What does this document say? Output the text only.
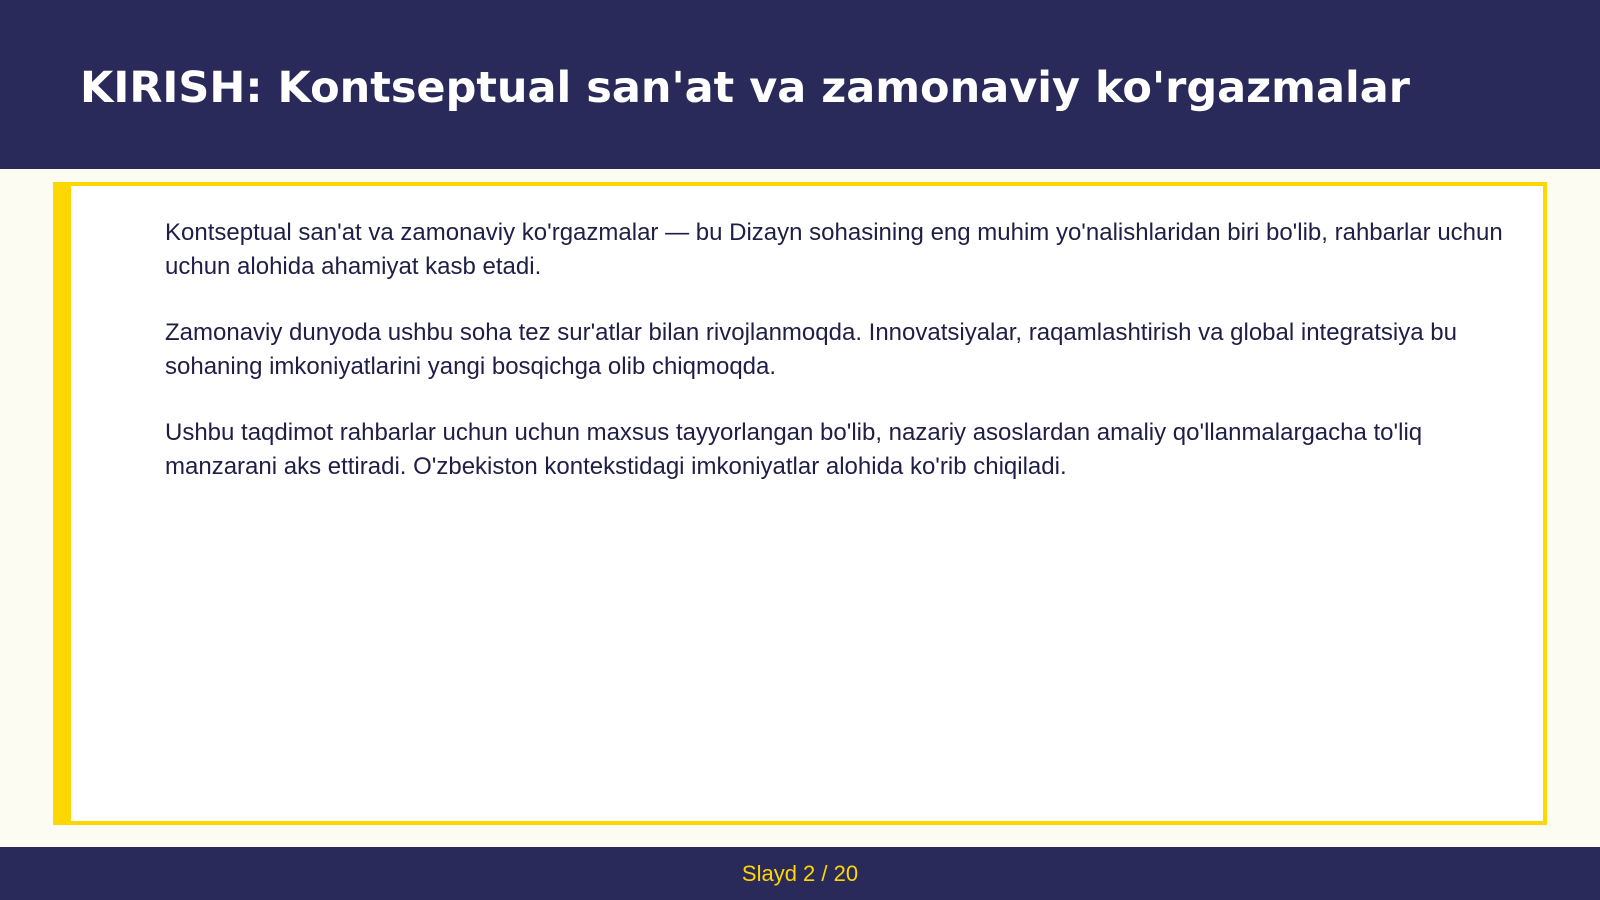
KIRISH: Kontseptual san'at va zamonaviy ko'rgazmalar

Kontseptual san'at va zamonaviy ko'rgazmalar — bu Dizayn sohasining eng muhim yo'nalishlaridan biri bo'lib, rahbarlar uchun uchun alohida ahamiyat kasb etadi.

Zamonaviy dunyoda ushbu soha tez sur'atlar bilan rivojlanmoqda. Innovatsiyalar, raqamlashtirish va global integratsiya bu sohaning imkoniyatlarini yangi bosqichga olib chiqmoqda.

Ushbu taqdimot rahbarlar uchun uchun maxsus tayyorlangan bo'lib, nazariy asoslardan amaliy qo'llanmalargacha to'liq manzarani aks ettiradi. O'zbekiston kontekstidagi imkoniyatlar alohida ko'rib chiqiladi.

Slayd 2 / 20
